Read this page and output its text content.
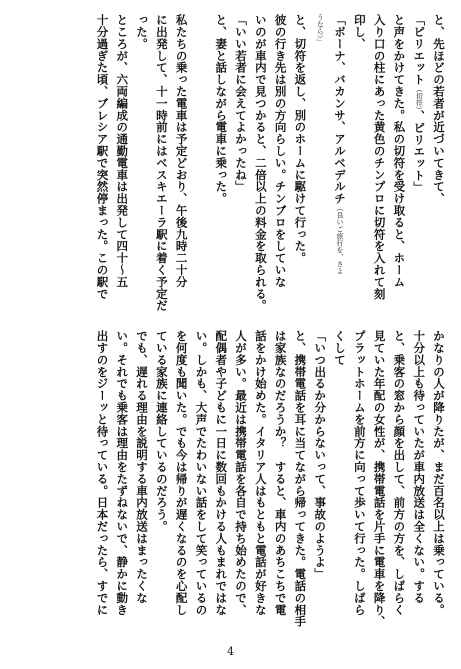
と、先ほどの若者が近づいてきて、
「ピリエット（切符）、ピリエット」
と声をかけてきた。私の切符を受け取ると、ホーム
入り口の柱にあった黄色のチンプロに切符を入れて刻
印し、
「ボーナ、バカンサ、アルベデルチ（良いご旅行を、さよ
うなら）」
と、切符を返し、別のホームに駆けて行った。
彼の行き先は別の方向らしい。チンブロをしていな
いのが車内で見つかると、二倍以上の料金を取られる。
「いい若者に会えてよかったね」
と、妻と話しながら電車に乗った。

私たちの乗った電車は予定どおり、午後九時二十分
に出発して、十一時前にはベスキエーラ駅に着く予定だ
った。
ところが、六両編成の通勤電車は出発して四十～五
十分過ぎた頃、ブレシア駅で突然停まった。この駅で
かなりの人が降りたが、まだ百名以上は乗っている。
十分以上も待っていたが車内放送は全くない。する
と、乗客の窓から顔を出して、前方の方を、しばらく
見ていた年配の女性が、携帯電話を片手に電車を降り、
プラットホームを前方に向って歩いて行った。しばら
くして
「いつ出るか分からないって、事故のようよ」
と、携帯電話を耳に当てながら帰ってきた。電話の相手
は家族なのだろうか？　すると、車内のあちこちで電
話をかけ始めた。イタリア人はもともと電話が好きな
人が多い。最近は携帯電話を各自で持ち始めたので、
配偶者や子どもに一日に数回もかける人もまれではな
い。しかも、大声でたわいない話をして笑っているの
を何度も聞いた。でも今は帰りが遅くなるのを心配し
ている家族に連絡しているのだろう。
でも、遅れる理由を説明する車内放送はまったくな
い。それでも乗客は理由をたずねないで、静かに動き
出すのをジーッと待っている。日本だったら、すでに
4
